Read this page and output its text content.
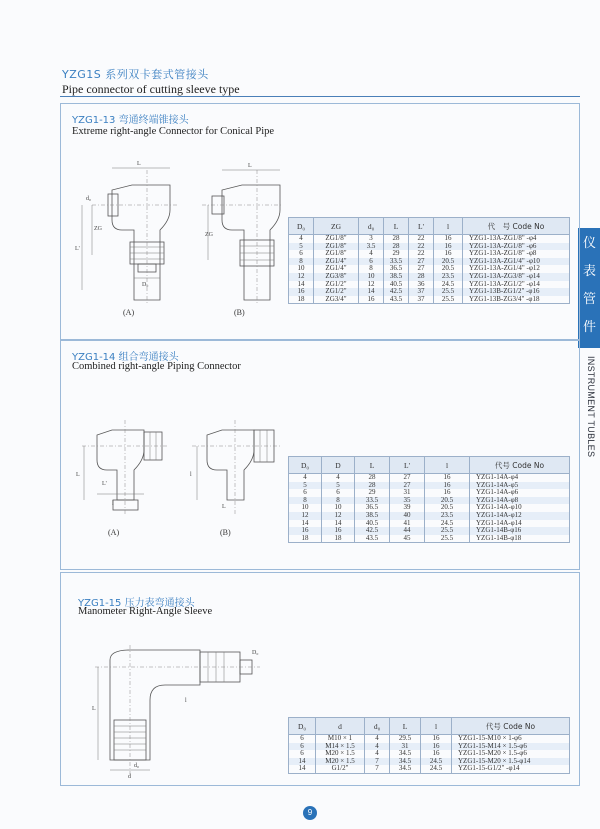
YZG1S 系列双卡套式管接头
Pipe connector of cutting sleeve type
仪
表
管
件
INSTRUMENT TUBLES
YZG1-13 弯通终端锥接头
Extreme right-angle Connector for Conical Pipe
L	L
L'
d₀
ZG
D₀
ZG
(A)	(B)
D₀	ZG	d₀	L	L'	l	代　号 Code No
4	ZG1/8"	3	28	22	16	YZG1-13A-ZG1/8" -φ4
5	ZG1/8"	3.5	28	22	16	YZG1-13A-ZG1/8" -φ6
6	ZG1/8"	4	29	22	16	YZG1-13A-ZG1/8" -φ8
8	ZG1/4"	6	33.5	27	20.5	YZG1-13A-ZG1/4" -φ10
10	ZG1/4"	8	36.5	27	20.5	YZG1-13A-ZG1/4" -φ12
12	ZG3/8"	10	38.5	28	23.5	YZG1-13A-ZG3/8" -φ14
14	ZG1/2"	12	40.5	36	24.5	YZG1-13A-ZG1/2" -φ14
16	ZG1/2"	14	42.5	37	25.5	YZG1-13B-ZG1/2" -φ16
18	ZG3/4"	16	43.5	37	25.5	YZG1-13B-ZG3/4" -φ18
YZG1-14 组合弯通接头
Combined right-angle Piping Connector
L'
L	l
l	L
(A)	(B)
D₀	D	L	L'	l	代号 Code No
4	4	28	27	16	YZG1-14A-φ4
5	5	28	27	16	YZG1-14A-φ5
6	6	29	31	16	YZG1-14A-φ6
8	8	33.5	35	20.5	YZG1-14A-φ8
10	10	36.5	39	20.5	YZG1-14A-φ10
12	12	38.5	40	23.5	YZG1-14A-φ12
14	14	40.5	41	24.5	YZG1-14A-φ14
16	16	42.5	44	25.5	YZG1-14B-φ16
18	18	43.5	45	25.5	YZG1-14B-φ18
YZG1-15 压力表弯通接头
Manometer Right-Angle Sleeve
L
l
d
d₀
D₀
D₀	d	d₀	L	l	代号 Code No
6	M10 × 1	4	29.5	16	YZG1-15-M10 × 1-φ6
6	M14 × 1.5	4	31	16	YZG1-15-M14 × 1.5-φ6
6	M20 × 1.5	4	34.5	16	YZG1-15-M20 × 1.5-φ6
14	M20 × 1.5	7	34.5	24.5	YZG1-15-M20 × 1.5-φ14
14	G1/2"	7	34.5	24.5	YZG1-15-G1/2" -φ14
9
